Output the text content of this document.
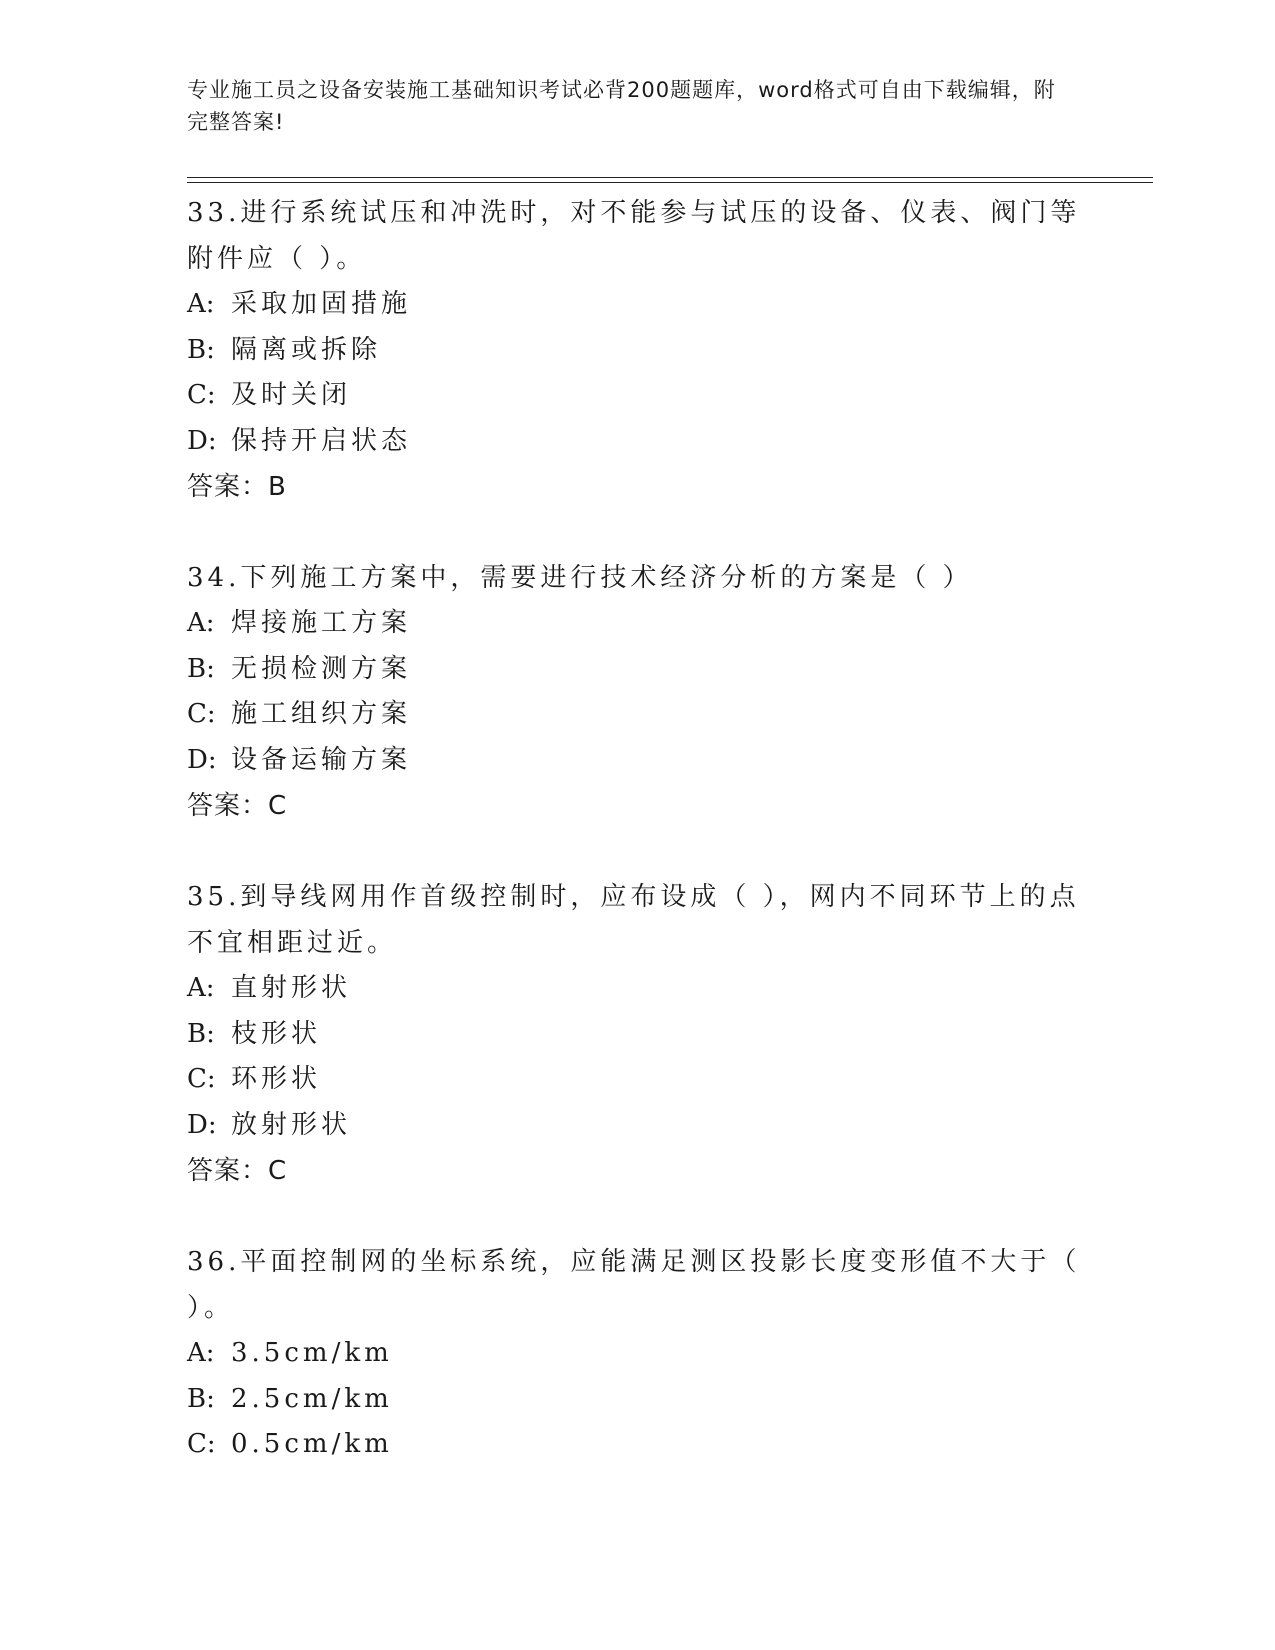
专业施工员之设备安装施工基础知识考试必背200题题库，word格式可自由下载编辑，附完整答案!

33.进行系统试压和冲洗时，对不能参与试压的设备、仪表、阀门等附件应（ ）。

A: 采取加固措施

B: 隔离或拆除

C: 及时关闭

D: 保持开启状态

答案：B

34.下列施工方案中，需要进行技术经济分析的方案是（ ）

A: 焊接施工方案

B: 无损检测方案

C: 施工组织方案

D: 设备运输方案

答案：C

35.到导线网用作首级控制时，应布设成（ ），网内不同环节上的点不宜相距过近。

A: 直射形状

B: 枝形状

C: 环形状

D: 放射形状

答案：C

36.平面控制网的坐标系统，应能满足测区投影长度变形值不大于（ ）。

A: 3.5cm/km

B: 2.5cm/km

C: 0.5cm/km
